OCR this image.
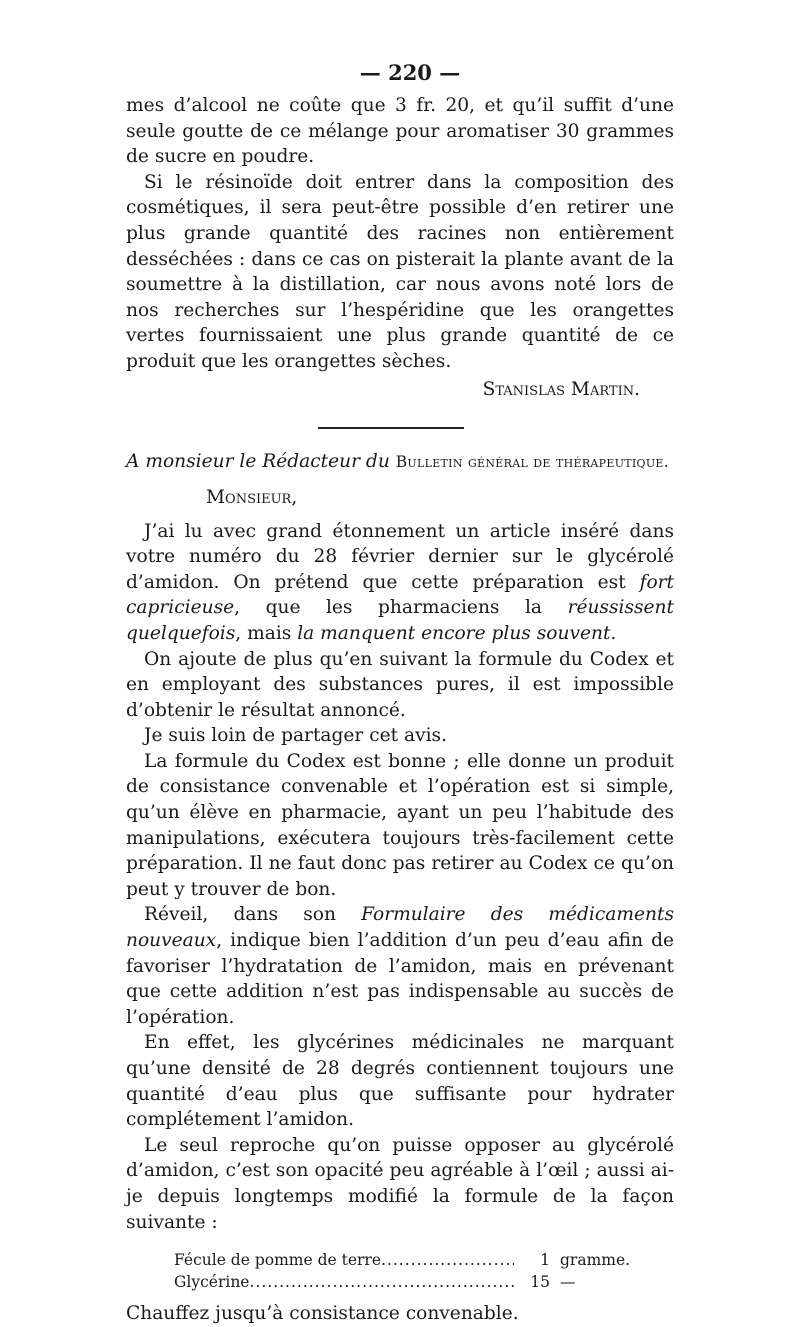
— 220 —

mes d’alcool ne coûte que 3 fr. 20, et qu’il suffit d’une seule goutte de ce mélange pour aromatiser 30 grammes de sucre en poudre.

Si le résinoïde doit entrer dans la composition des cosmétiques, il sera peut-être possible d’en retirer une plus grande quantité des racines non entièrement desséchées : dans ce cas on pisterait la plante avant de la soumettre à la distillation, car nous avons noté lors de nos recherches sur l’hespéridine que les orangettes vertes fournissaient une plus grande quantité de ce produit que les orangettes sèches.

Stanislas Martin.
A monsieur le Rédacteur du Bulletin général de thérapeutique.
Monsieur,

J’ai lu avec grand étonnement un article inséré dans votre numéro du 28 février dernier sur le glycérolé d’amidon. On prétend que cette préparation est fort capricieuse, que les pharmaciens la réussissent quelquefois, mais la manquent encore plus souvent.

On ajoute de plus qu’en suivant la formule du Codex et en employant des substances pures, il est impossible d’obtenir le résultat annoncé.

Je suis loin de partager cet avis.

La formule du Codex est bonne ; elle donne un produit de consistance convenable et l’opération est si simple, qu’un élève en pharmacie, ayant un peu l’habitude des manipulations, exécutera toujours très-facilement cette préparation. Il ne faut donc pas retirer au Codex ce qu’on peut y trouver de bon.

Réveil, dans son Formulaire des médicaments nouveaux, indique bien l’addition d’un peu d’eau afin de favoriser l’hydratation de l’amidon, mais en prévenant que cette addition n’est pas indispensable au succès de l’opération.

En effet, les glycérines médicinales ne marquant qu’une densité de 28 degrés contiennent toujours une quantité d’eau plus que suffisante pour hydrater complétement l’amidon.

Le seul reproche qu’on puisse opposer au glycérolé d’amidon, c’est son opacité peu agréable à l’œil ; aussi ai-je depuis longtemps modifié la formule de la façon suivante :

Fécule de pomme de terre .....	1 gramme.
Glycérine .....	15 —

Chauffez jusqu’à consistance convenable.
